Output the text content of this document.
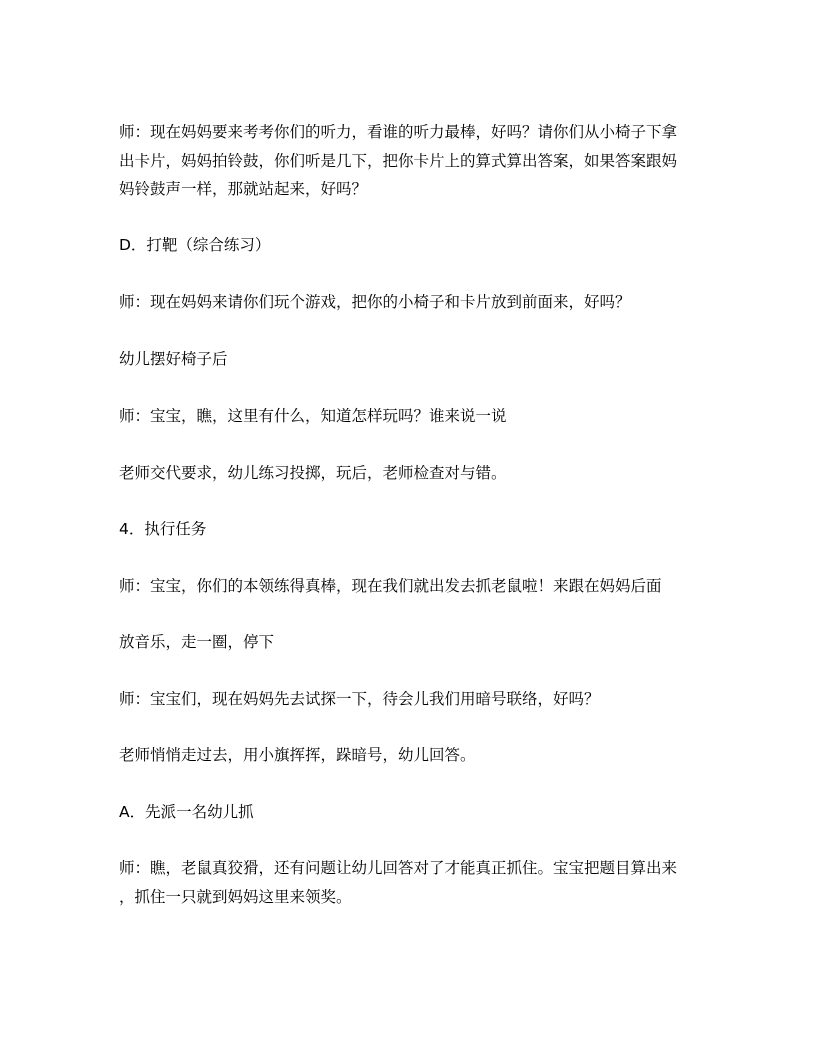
师：现在妈妈要来考考你们的听力，看谁的听力最棒，好吗？请你们从小椅子下拿
出卡片，妈妈拍铃鼓，你们听是几下，把你卡片上的算式算出答案，如果答案跟妈
妈铃鼓声一样，那就站起来，好吗？
D．打靶（综合练习）
师：现在妈妈来请你们玩个游戏，把你的小椅子和卡片放到前面来，好吗？
幼儿摆好椅子后
师：宝宝，瞧，这里有什么，知道怎样玩吗？谁来说一说
老师交代要求，幼儿练习投掷，玩后，老师检查对与错。
4．执行任务
师：宝宝，你们的本领练得真棒，现在我们就出发去抓老鼠啦！来跟在妈妈后面
放音乐，走一圈，停下
师：宝宝们，现在妈妈先去试探一下，待会儿我们用暗号联络，好吗？
老师悄悄走过去，用小旗挥挥，跺暗号，幼儿回答。
A．先派一名幼儿抓
师：瞧，老鼠真狡猾，还有问题让幼儿回答对了才能真正抓住。宝宝把题目算出来
，抓住一只就到妈妈这里来领奖。
